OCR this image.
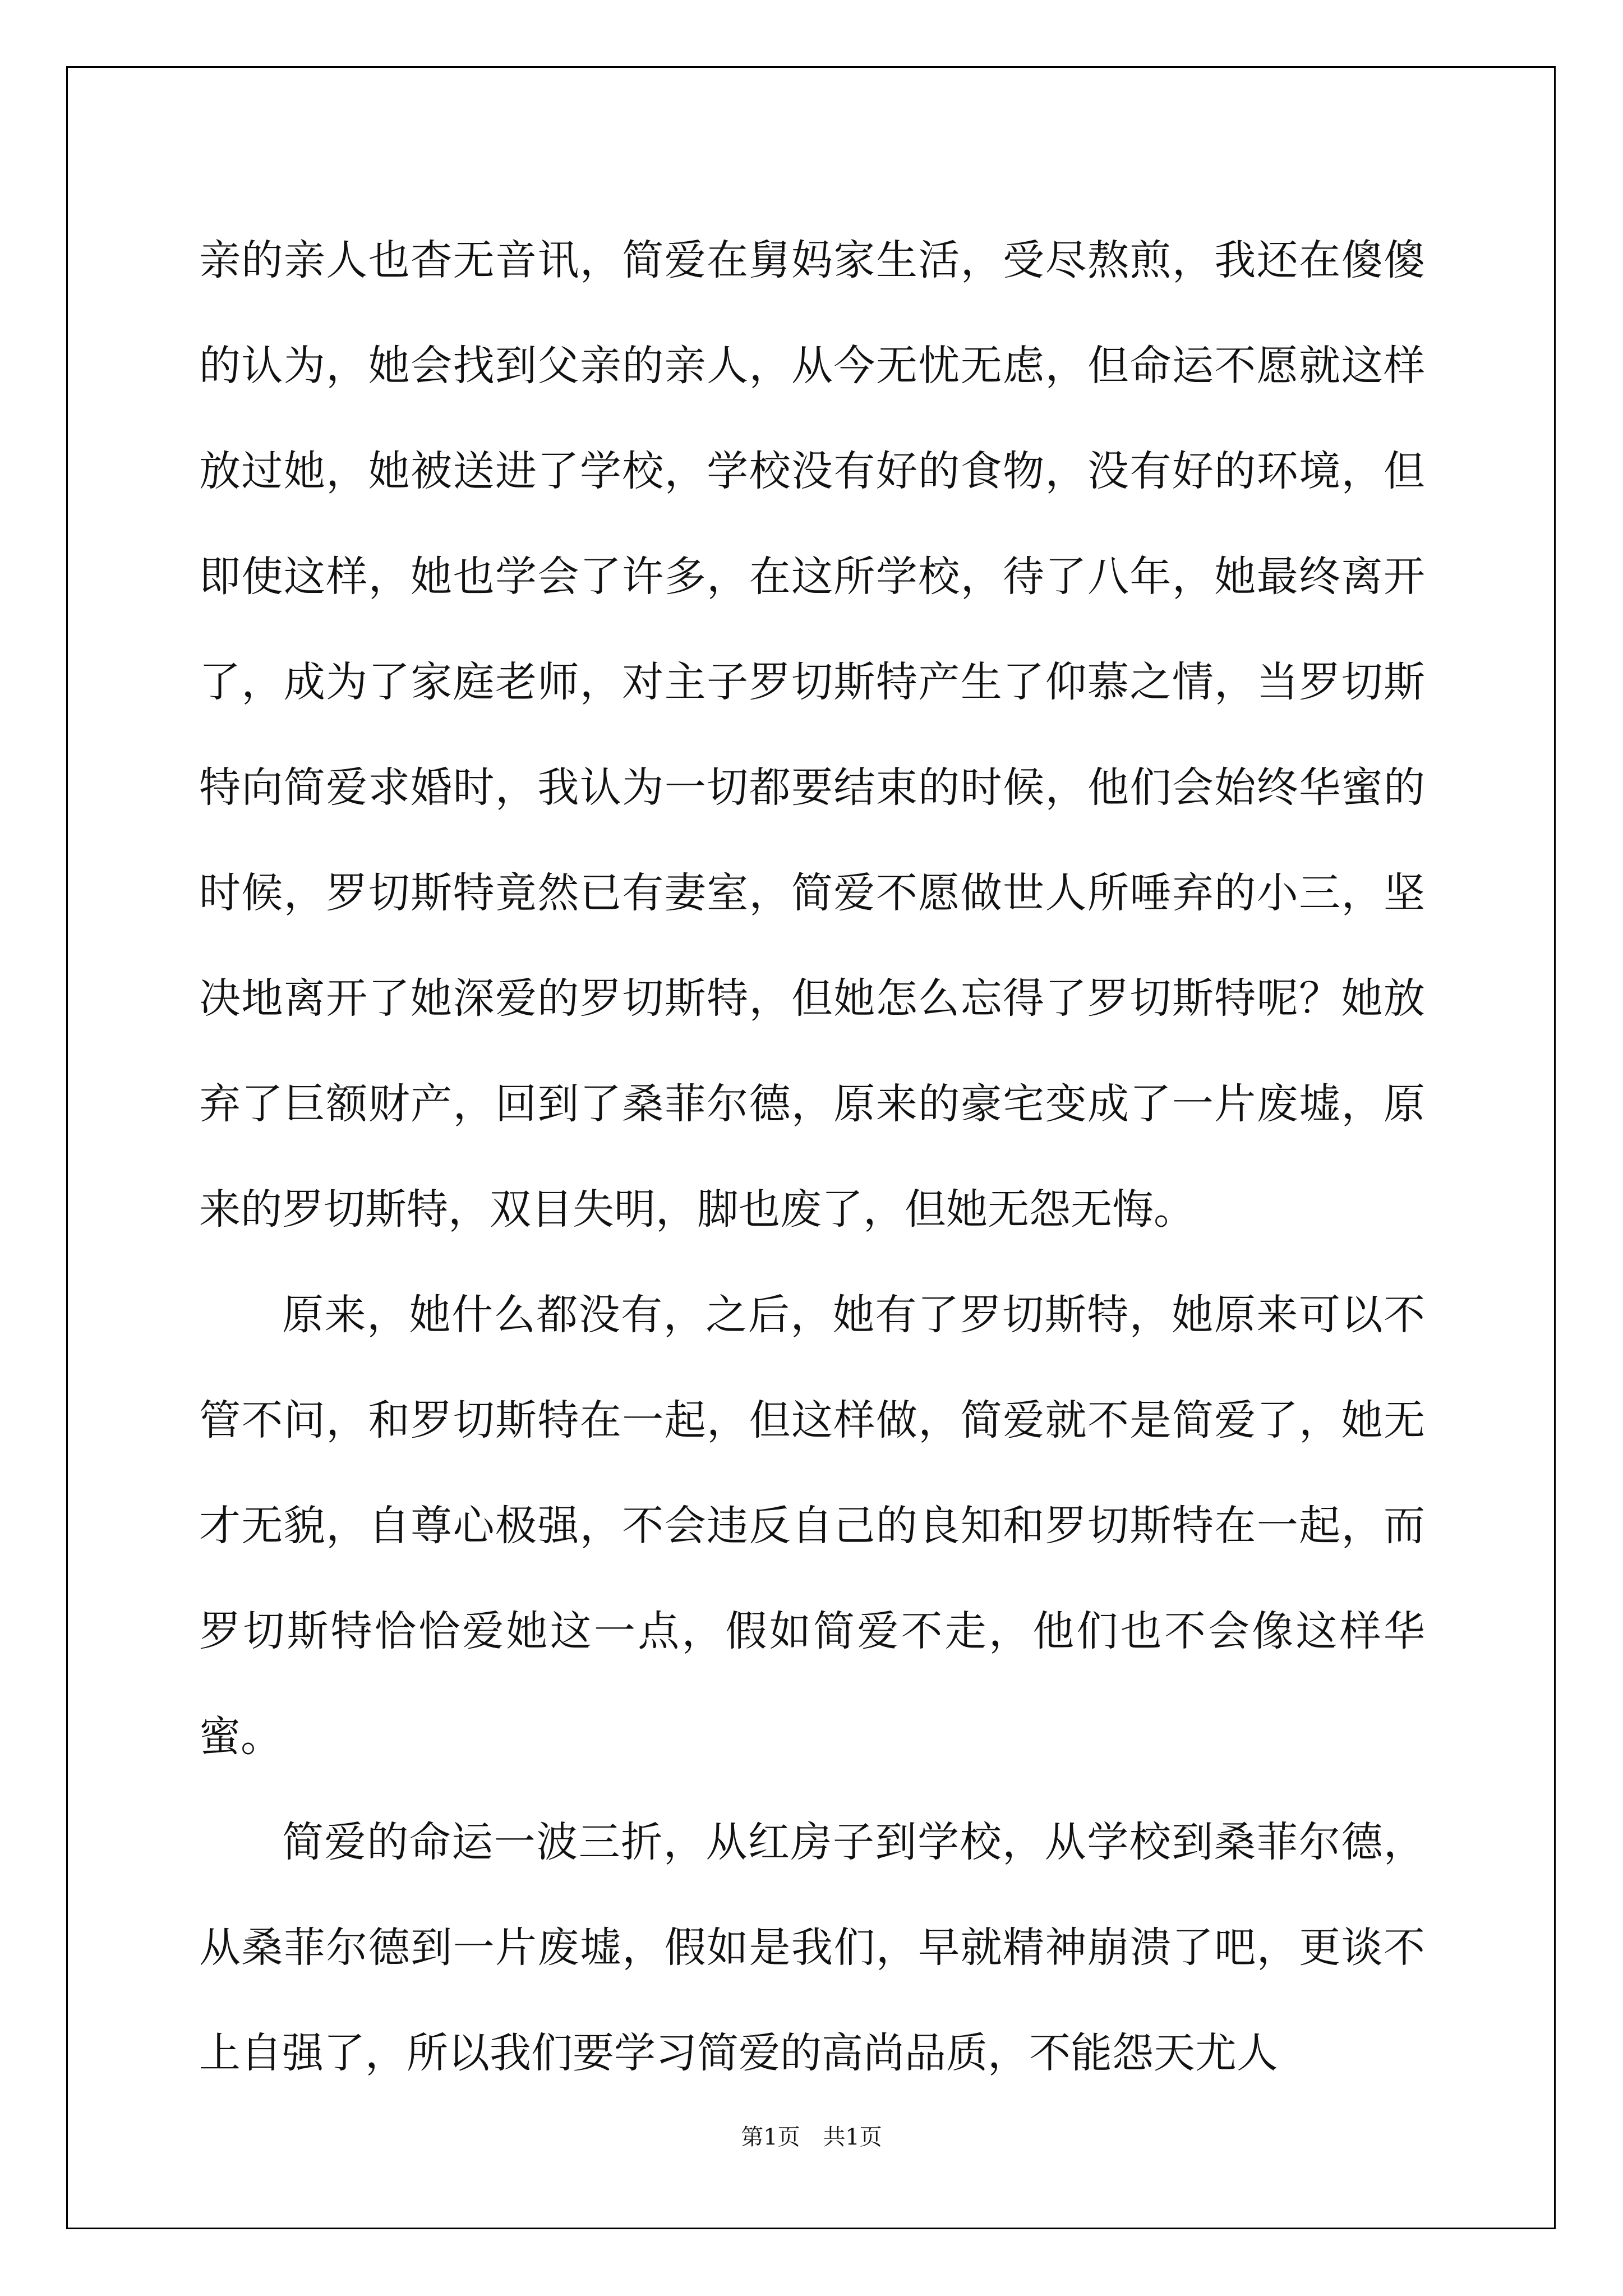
亲的亲人也杳无音讯，简爱在舅妈家生活，受尽熬煎，我还在傻傻的认为，她会找到父亲的亲人，从今无忧无虑，但命运不愿就这样放过她，她被送进了学校，学校没有好的食物，没有好的环境，但即使这样，她也学会了许多，在这所学校，待了八年，她最终离开了，成为了家庭老师，对主子罗切斯特产生了仰慕之情，当罗切斯特向简爱求婚时，我认为一切都要结束的时候，他们会始终华蜜的时候，罗切斯特竟然已有妻室，简爱不愿做世人所唾弃的小三，坚决地离开了她深爱的罗切斯特，但她怎么忘得了罗切斯特呢？她放弃了巨额财产，回到了桑菲尔德，原来的豪宅变成了一片废墟，原来的罗切斯特，双目失明，脚也废了，但她无怨无悔。

原来，她什么都没有，之后，她有了罗切斯特，她原来可以不管不问，和罗切斯特在一起，但这样做，简爱就不是简爱了，她无才无貌，自尊心极强，不会违反自己的良知和罗切斯特在一起，而罗切斯特恰恰爱她这一点，假如简爱不走，他们也不会像这样华蜜。

简爱的命运一波三折，从红房子到学校，从学校到桑菲尔德，从桑菲尔德到一片废墟，假如是我们，早就精神崩溃了吧，更谈不上自强了，所以我们要学习简爱的高尚品质，不能怨天尤人

第1页 共1页
